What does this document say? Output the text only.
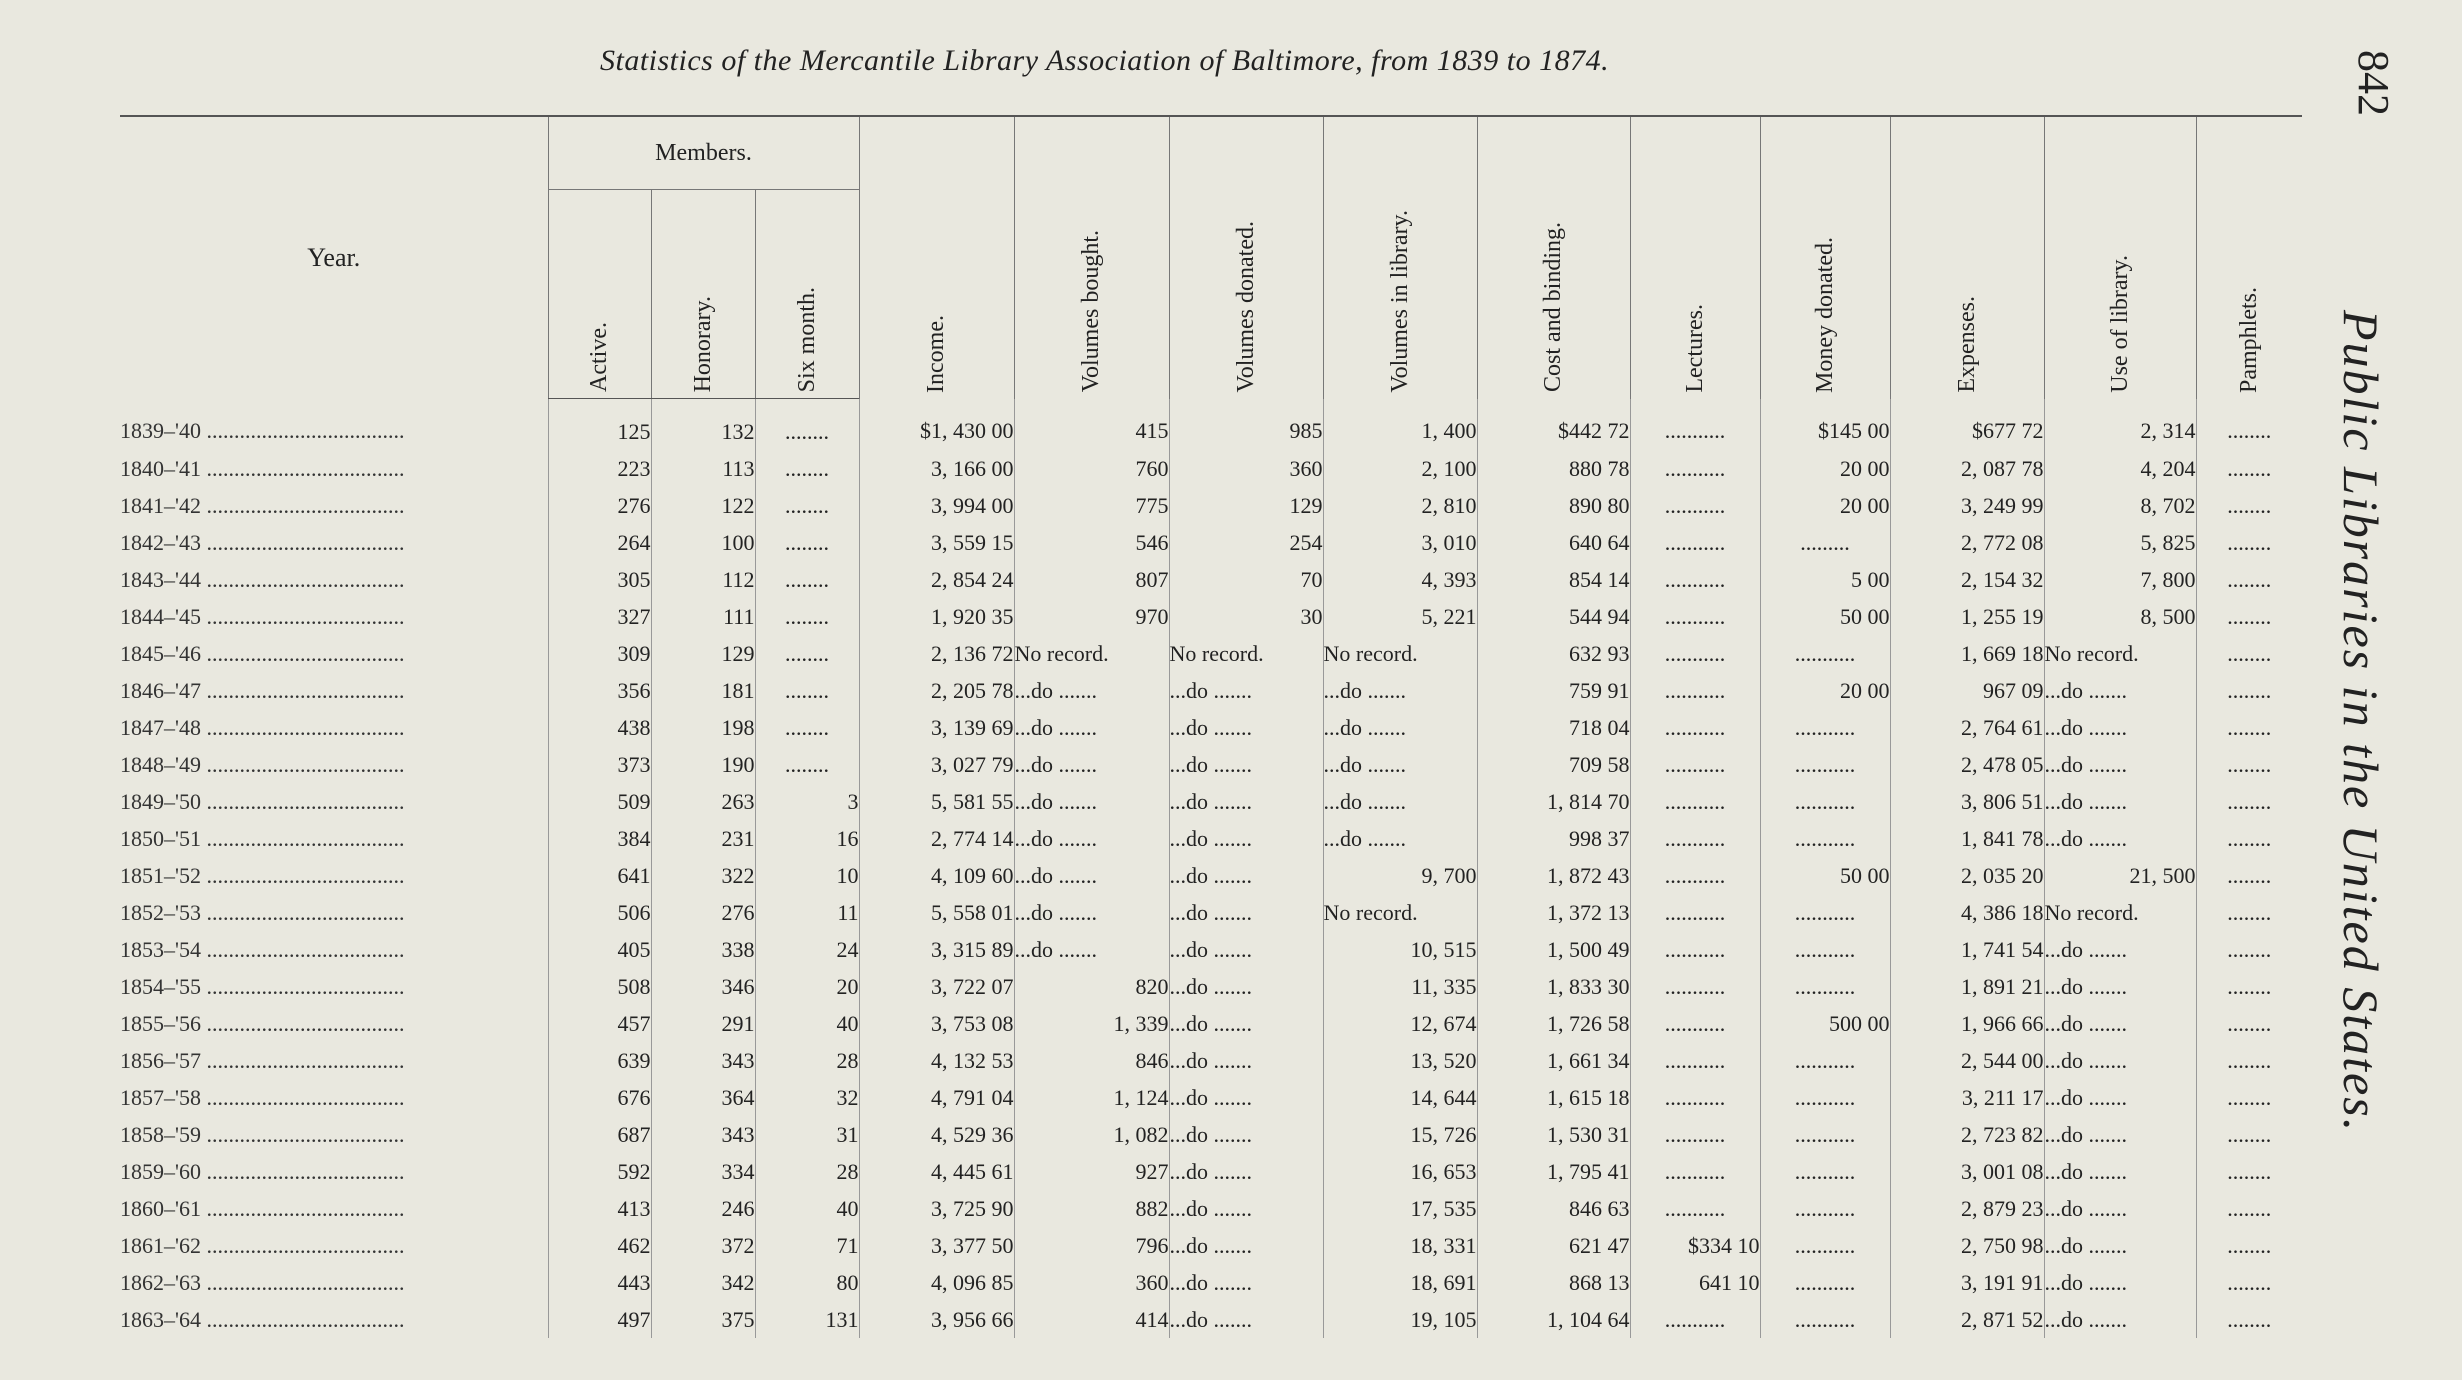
Statistics of the Mercantile Library Association of Baltimore, from 1839 to 1874.	842
Public Libraries in the United States.
Year.	Members.			Income.	Volumes bought.	Volumes donated.	Volumes in library.	Cost and binding.	Lectures.	Money donated.	Expenses.	Use of library.	Pamphlets.
	Active.	Honorary.	Six month.										
1839–'40 ....................................	125	132	........	$1, 430 00	415	985	1, 400	$442 72	...........	$145 00	$677 72	2, 314	........
1840–'41 ....................................	223	113	........	3, 166 00	760	360	2, 100	880 78	...........	20 00	2, 087 78	4, 204	........
1841–'42 ....................................	276	122	........	3, 994 00	775	129	2, 810	890 80	...........	20 00	3, 249 99	8, 702	........
1842–'43 ....................................	264	100	........	3, 559 15	546	254	3, 010	640 64	...........	.........	2, 772 08	5, 825	........
1843–'44 ....................................	305	112	........	2, 854 24	807	70	4, 393	854 14	...........	5 00	2, 154 32	7, 800	........
1844–'45 ....................................	327	111	........	1, 920 35	970	30	5, 221	544 94	...........	50 00	1, 255 19	8, 500	........
1845–'46 ....................................	309	129	........	2, 136 72	No record.	No record.	No record.	632 93	...........	...........	1, 669 18	No record.	........
1846–'47 ....................................	356	181	........	2, 205 78	...do .......	...do .......	...do .......	759 91	...........	20 00	967 09	...do .......	........
1847–'48 ....................................	438	198	........	3, 139 69	...do .......	...do .......	...do .......	718 04	...........	...........	2, 764 61	...do .......	........
1848–'49 ....................................	373	190	........	3, 027 79	...do .......	...do .......	...do .......	709 58	...........	...........	2, 478 05	...do .......	........
1849–'50 ....................................	509	263	3	5, 581 55	...do .......	...do .......	...do .......	1, 814 70	...........	...........	3, 806 51	...do .......	........
1850–'51 ....................................	384	231	16	2, 774 14	...do .......	...do .......	...do .......	998 37	...........	...........	1, 841 78	...do .......	........
1851–'52 ....................................	641	322	10	4, 109 60	...do .......	...do .......	9, 700	1, 872 43	...........	50 00	2, 035 20	21, 500	........
1852–'53 ....................................	506	276	11	5, 558 01	...do .......	...do .......	No record.	1, 372 13	...........	...........	4, 386 18	No record.	........
1853–'54 ....................................	405	338	24	3, 315 89	...do .......	...do .......	10, 515	1, 500 49	...........	...........	1, 741 54	...do .......	........
1854–'55 ....................................	508	346	20	3, 722 07	820	...do .......	11, 335	1, 833 30	...........	...........	1, 891 21	...do .......	........
1855–'56 ....................................	457	291	40	3, 753 08	1, 339	...do .......	12, 674	1, 726 58	...........	500 00	1, 966 66	...do .......	........
1856–'57 ....................................	639	343	28	4, 132 53	846	...do .......	13, 520	1, 661 34	...........	...........	2, 544 00	...do .......	........
1857–'58 ....................................	676	364	32	4, 791 04	1, 124	...do .......	14, 644	1, 615 18	...........	...........	3, 211 17	...do .......	........
1858–'59 ....................................	687	343	31	4, 529 36	1, 082	...do .......	15, 726	1, 530 31	...........	...........	2, 723 82	...do .......	........
1859–'60 ....................................	592	334	28	4, 445 61	927	...do .......	16, 653	1, 795 41	...........	...........	3, 001 08	...do .......	........
1860–'61 ....................................	413	246	40	3, 725 90	882	...do .......	17, 535	846 63	...........	...........	2, 879 23	...do .......	........
1861–'62 ....................................	462	372	71	3, 377 50	796	...do .......	18, 331	621 47	$334 10	...........	2, 750 98	...do .......	........
1862–'63 ....................................	443	342	80	4, 096 85	360	...do .......	18, 691	868 13	641 10	...........	3, 191 91	...do .......	........
1863–'64 ....................................	497	375	131	3, 956 66	414	...do .......	19, 105	1, 104 64	...........	...........	2, 871 52	...do .......	........
